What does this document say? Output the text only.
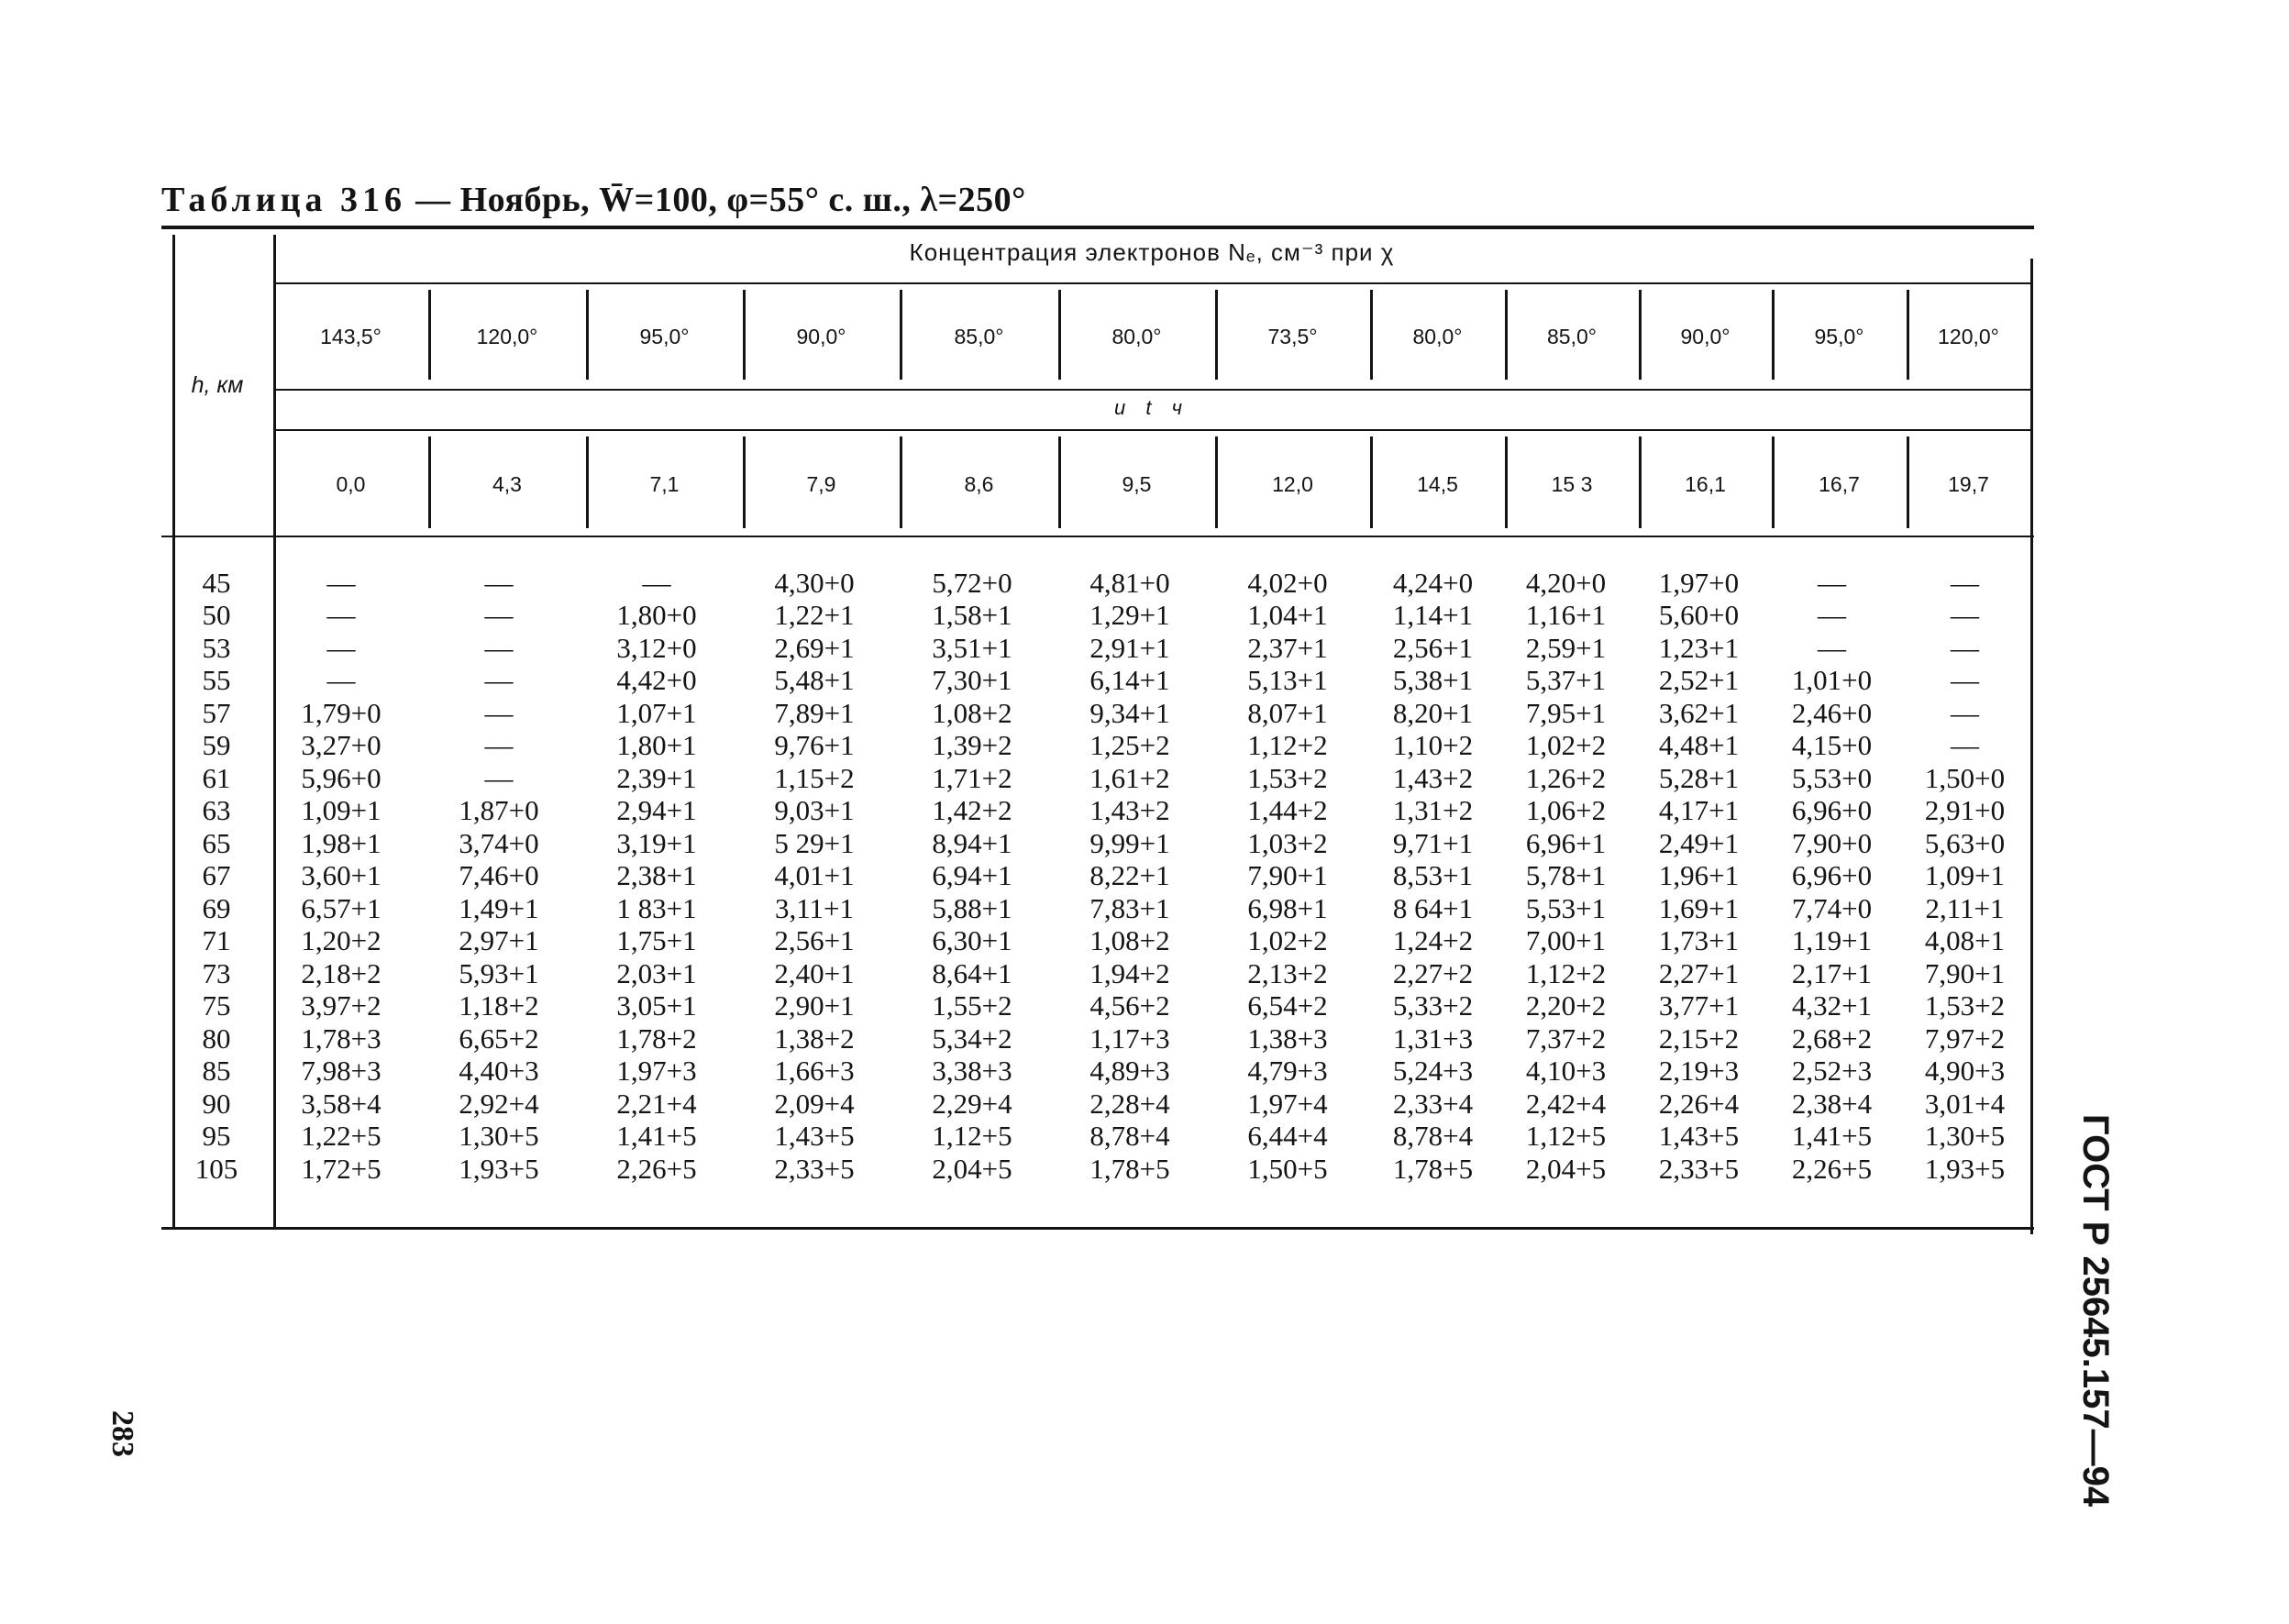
Таблица 316 — Ноябрь, W̄=100, φ=55° с. ш., λ=250°
h, км
Концентрация электронов Nₑ, см⁻³ при χ
и t ч
143,5°	120,0°	95,0°	90,0°	85,0°	80,0°	73,5°	80,0°	85,0°	90,0°	95,0°	120,0°
0,0	4,3	7,1	7,9	8,6	9,5	12,0	14,5	15 3	16,1	16,7	19,7
45	—	—	—	4,30+0	5,72+0	4,81+0	4,02+0	4,24+0	4,20+0	1,97+0	—	—
50	—	—	1,80+0	1,22+1	1,58+1	1,29+1	1,04+1	1,14+1	1,16+1	5,60+0	—	—
53	—	—	3,12+0	2,69+1	3,51+1	2,91+1	2,37+1	2,56+1	2,59+1	1,23+1	—	—
55	—	—	4,42+0	5,48+1	7,30+1	6,14+1	5,13+1	5,38+1	5,37+1	2,52+1	1,01+0	—
57	1,79+0	—	1,07+1	7,89+1	1,08+2	9,34+1	8,07+1	8,20+1	7,95+1	3,62+1	2,46+0	—
59	3,27+0	—	1,80+1	9,76+1	1,39+2	1,25+2	1,12+2	1,10+2	1,02+2	4,48+1	4,15+0	—
61	5,96+0	—	2,39+1	1,15+2	1,71+2	1,61+2	1,53+2	1,43+2	1,26+2	5,28+1	5,53+0	1,50+0
63	1,09+1	1,87+0	2,94+1	9,03+1	1,42+2	1,43+2	1,44+2	1,31+2	1,06+2	4,17+1	6,96+0	2,91+0
65	1,98+1	3,74+0	3,19+1	5 29+1	8,94+1	9,99+1	1,03+2	9,71+1	6,96+1	2,49+1	7,90+0	5,63+0
67	3,60+1	7,46+0	2,38+1	4,01+1	6,94+1	8,22+1	7,90+1	8,53+1	5,78+1	1,96+1	6,96+0	1,09+1
69	6,57+1	1,49+1	1 83+1	3,11+1	5,88+1	7,83+1	6,98+1	8 64+1	5,53+1	1,69+1	7,74+0	2,11+1
71	1,20+2	2,97+1	1,75+1	2,56+1	6,30+1	1,08+2	1,02+2	1,24+2	7,00+1	1,73+1	1,19+1	4,08+1
73	2,18+2	5,93+1	2,03+1	2,40+1	8,64+1	1,94+2	2,13+2	2,27+2	1,12+2	2,27+1	2,17+1	7,90+1
75	3,97+2	1,18+2	3,05+1	2,90+1	1,55+2	4,56+2	6,54+2	5,33+2	2,20+2	3,77+1	4,32+1	1,53+2
80	1,78+3	6,65+2	1,78+2	1,38+2	5,34+2	1,17+3	1,38+3	1,31+3	7,37+2	2,15+2	2,68+2	7,97+2
85	7,98+3	4,40+3	1,97+3	1,66+3	3,38+3	4,89+3	4,79+3	5,24+3	4,10+3	2,19+3	2,52+3	4,90+3
90	3,58+4	2,92+4	2,21+4	2,09+4	2,29+4	2,28+4	1,97+4	2,33+4	2,42+4	2,26+4	2,38+4	3,01+4
95	1,22+5	1,30+5	1,41+5	1,43+5	1,12+5	8,78+4	6,44+4	8,78+4	1,12+5	1,43+5	1,41+5	1,30+5
105	1,72+5	1,93+5	2,26+5	2,33+5	2,04+5	1,78+5	1,50+5	1,78+5	2,04+5	2,33+5	2,26+5	1,93+5	ГОСТ Р 25645.157—94
283
